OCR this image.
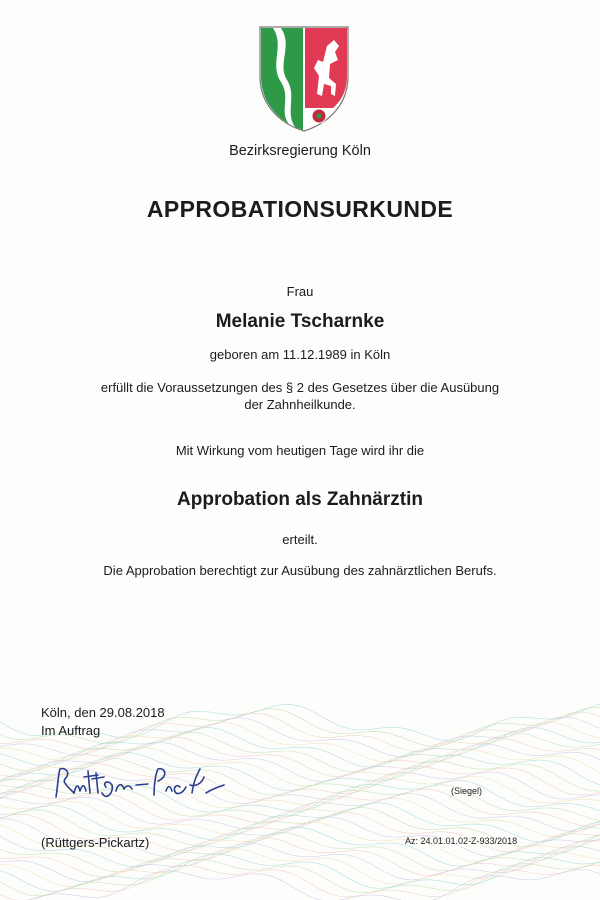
Bezirksregierung Köln
APPROBATIONSURKUNDE
Frau
Melanie Tscharnke
geboren am 11.12.1989 in Köln
erfüllt die Voraussetzungen des § 2 des Gesetzes über die Ausübung
der Zahnheilkunde.
Mit Wirkung vom heutigen Tage wird ihr die
Approbation als Zahnärztin
erteilt.
Die Approbation berechtigt zur Ausübung des zahnärztlichen Berufs.
Köln, den 29.08.2018
Im Auftrag
(Rüttgers-Pickartz)
(Siegel)
Az: 24.01.01.02-Z-933/2018
